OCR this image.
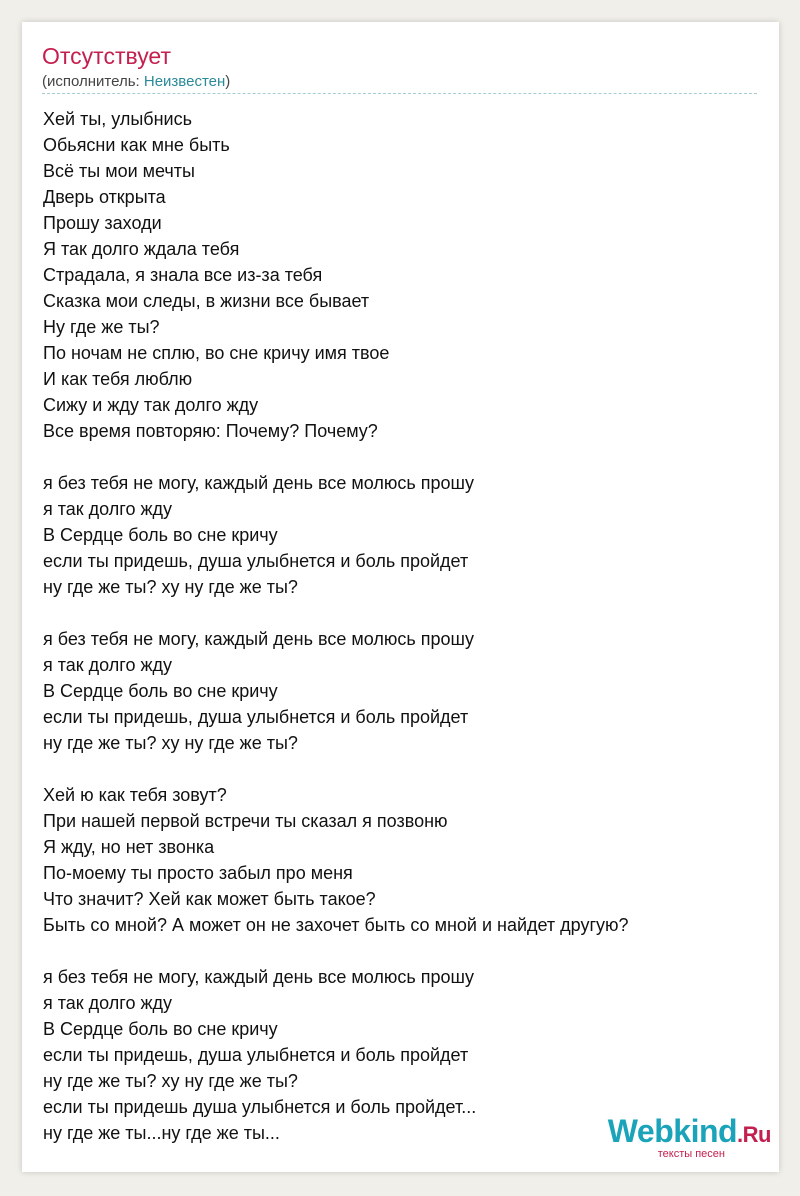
Отсутствует
(исполнитель: Неизвестен)
Хей ты, улыбнись
Обьясни как мне быть
Всё ты мои мечты
Дверь открыта
Прошу заходи
Я так долго ждала тебя
Страдала, я знала все из-за тебя
Сказка мои следы, в жизни все бывает
Ну где же ты?
По ночам не сплю, во сне кричу имя твое
И как тебя люблю
Сижу и жду так долго жду
Все время повторяю: Почему? Почему?
я без тебя не могу, каждый день все молюсь прошу
я так долго жду
В Сердце боль во сне кричу
если ты придешь, душа улыбнется и боль пройдет
ну где же ты? ху ну где же ты?
я без тебя не могу, каждый день все молюсь прошу
я так долго жду
В Сердце боль во сне кричу
если ты придешь, душа улыбнется и боль пройдет
ну где же ты? ху ну где же ты?
Хей ю как тебя зовут?
При нашей первой встречи ты сказал я позвоню
Я жду, но нет звонка
По-моему ты просто забыл про меня
Что значит? Хей как может быть такое?
Быть со мной? А может он не захочет быть со мной и найдет другую?
я без тебя не могу, каждый день все молюсь прошу
я так долго жду
В Сердце боль во сне кричу
если ты придешь, душа улыбнется и боль пройдет
ну где же ты? ху ну где же ты?
если ты придешь душа улыбнется и боль пройдет...
ну где же ты...ну где же ты...	Webkind.Ru
тексты песен
